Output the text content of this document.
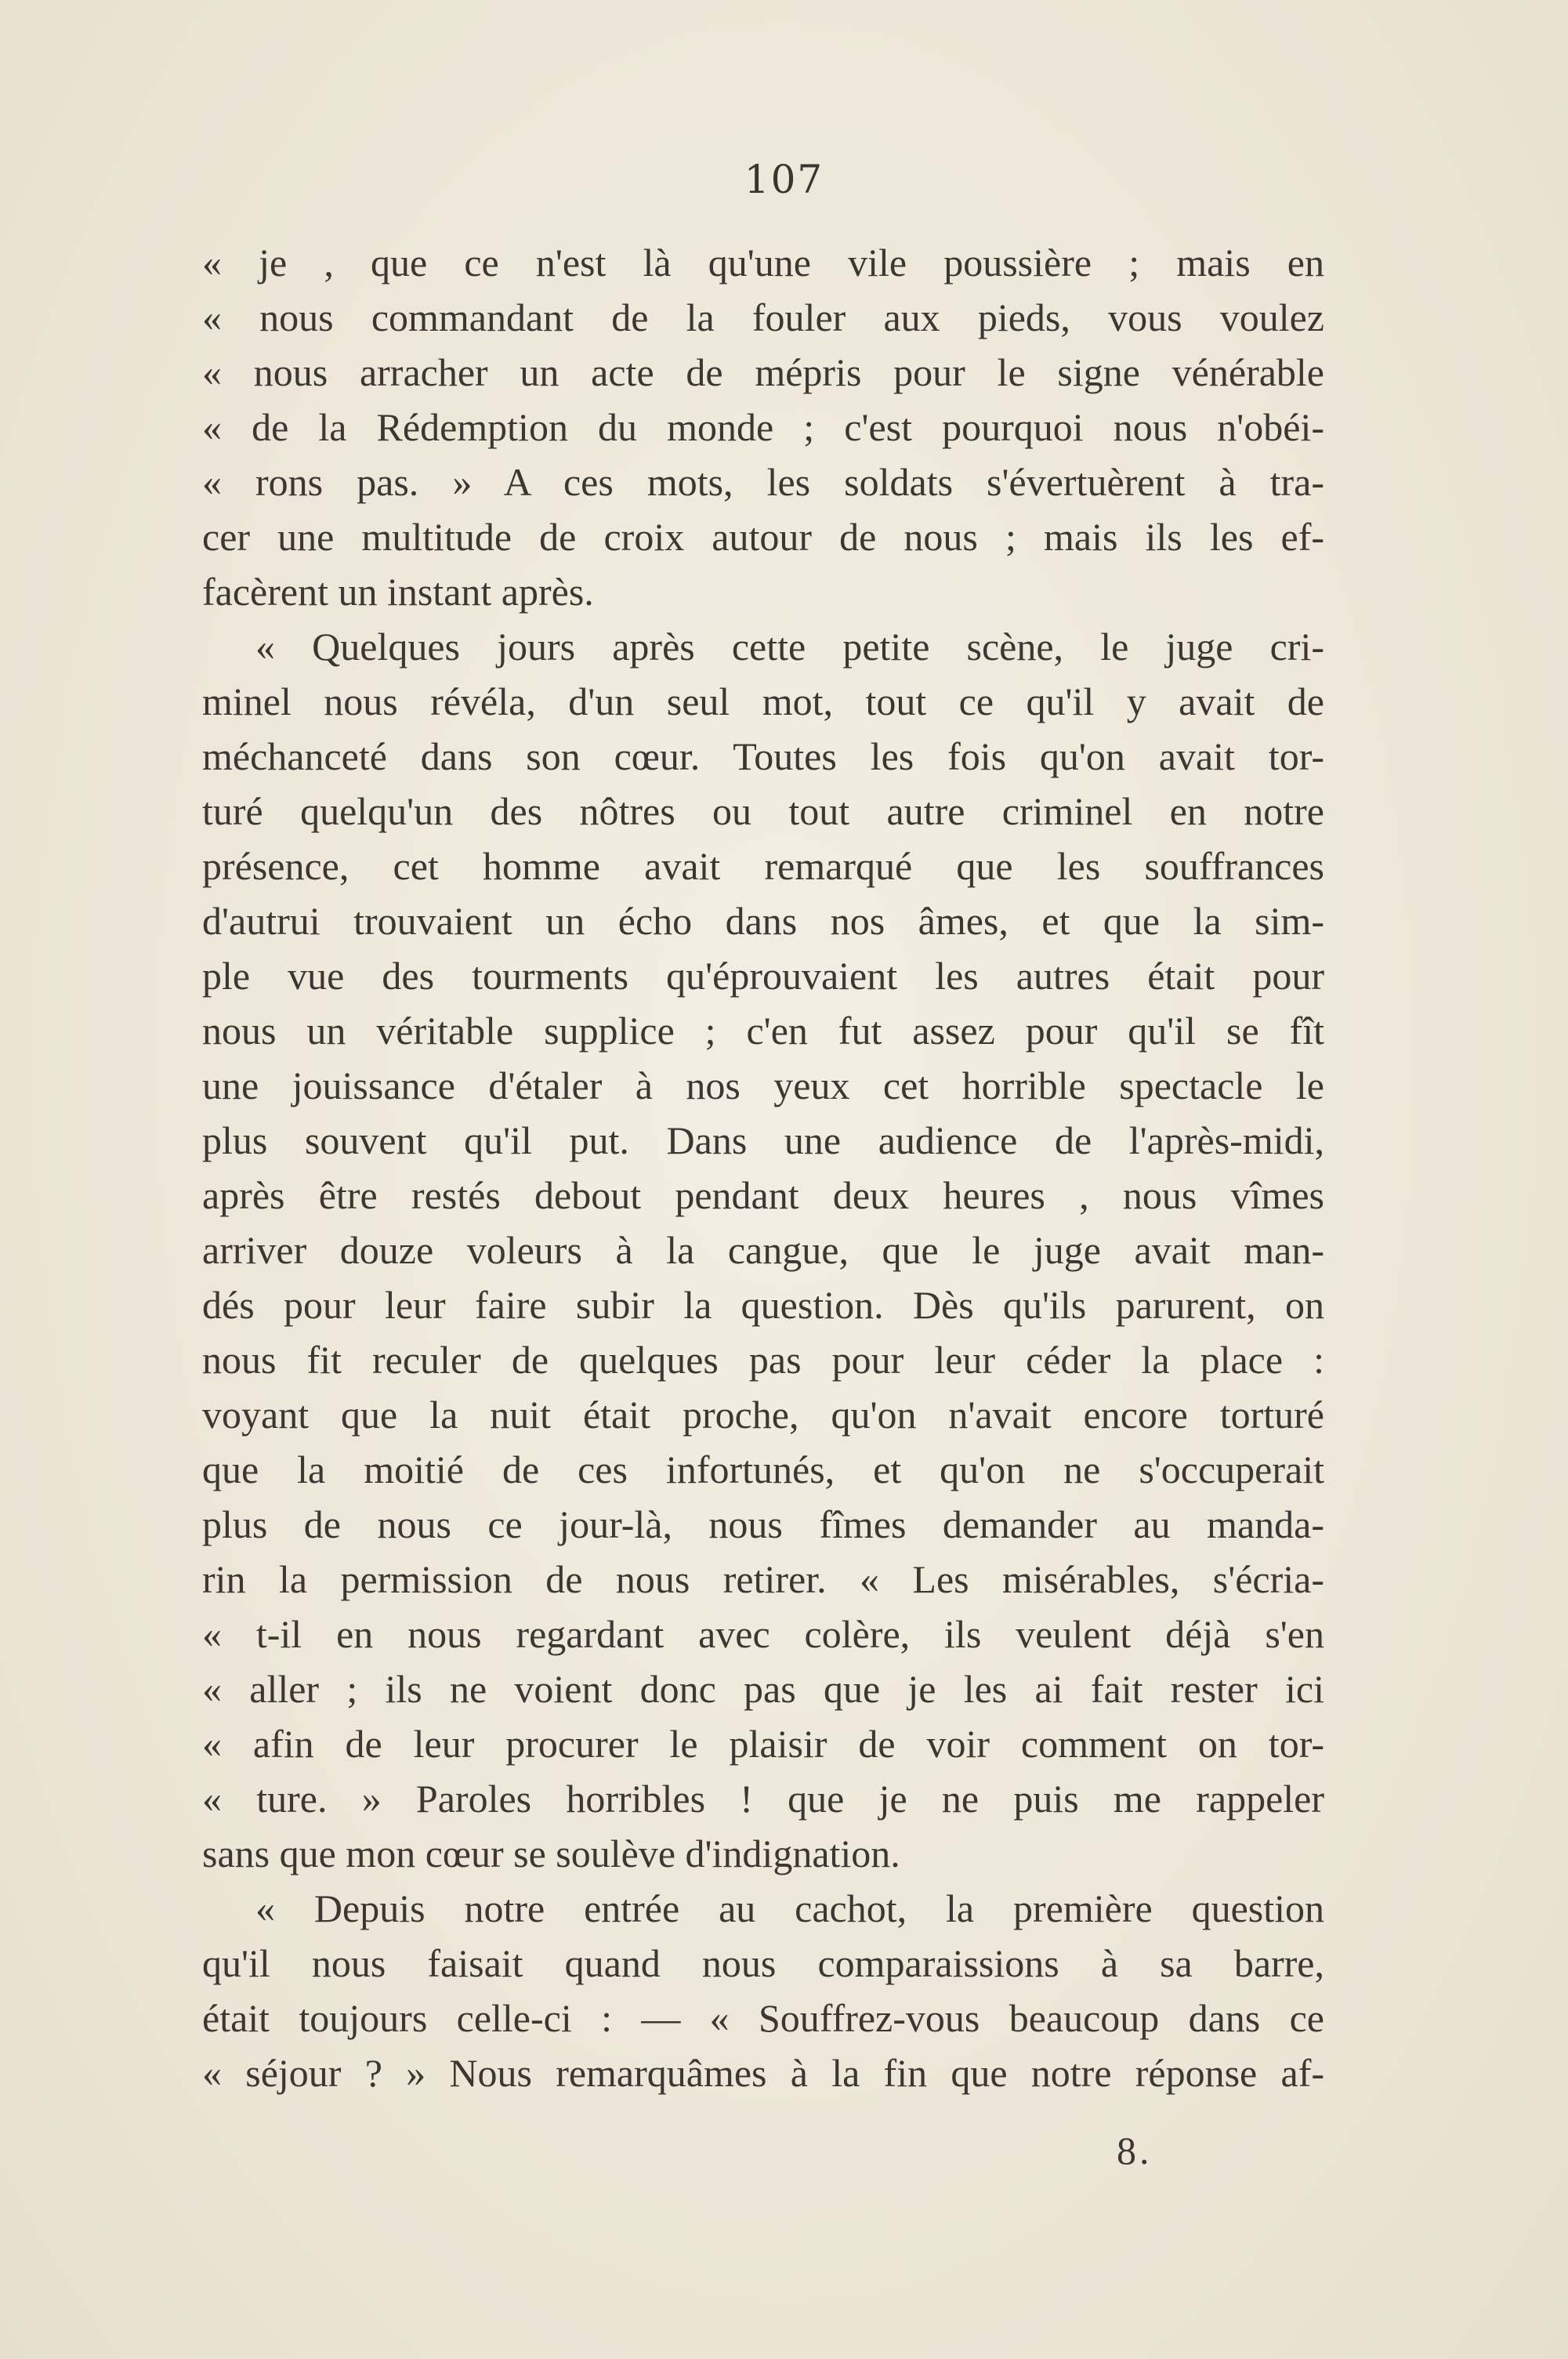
107
« je , que ce n'est là qu'une vile poussière ; mais en
« nous commandant de la fouler aux pieds, vous voulez
« nous arracher un acte de mépris pour le signe vénérable
« de la Rédemption du monde ; c'est pourquoi nous n'obéi-
« rons pas. » A ces mots, les soldats s'évertuèrent à tra-
cer une multitude de croix autour de nous ; mais ils les ef-
facèrent un instant après.
« Quelques jours après cette petite scène, le juge cri-
minel nous révéla, d'un seul mot, tout ce qu'il y avait de
méchanceté dans son cœur. Toutes les fois qu'on avait tor-
turé quelqu'un des nôtres ou tout autre criminel en notre
présence, cet homme avait remarqué que les souffrances
d'autrui trouvaient un écho dans nos âmes, et que la sim-
ple vue des tourments qu'éprouvaient les autres était pour
nous un véritable supplice ; c'en fut assez pour qu'il se fît
une jouissance d'étaler à nos yeux cet horrible spectacle le
plus souvent qu'il put. Dans une audience de l'après-midi,
après être restés debout pendant deux heures , nous vîmes
arriver douze voleurs à la cangue, que le juge avait man-
dés pour leur faire subir la question. Dès qu'ils parurent, on
nous fit reculer de quelques pas pour leur céder la place :
voyant que la nuit était proche, qu'on n'avait encore torturé
que la moitié de ces infortunés, et qu'on ne s'occuperait
plus de nous ce jour-là, nous fîmes demander au manda-
rin la permission de nous retirer. « Les misérables, s'écria-
« t-il en nous regardant avec colère, ils veulent déjà s'en
« aller ; ils ne voient donc pas que je les ai fait rester ici
« afin de leur procurer le plaisir de voir comment on tor-
« ture. » Paroles horribles ! que je ne puis me rappeler
sans que mon cœur se soulève d'indignation.
« Depuis notre entrée au cachot, la première question
qu'il nous faisait quand nous comparaissions à sa barre,
était toujours celle-ci : — « Souffrez-vous beaucoup dans ce
« séjour ? » Nous remarquâmes à la fin que notre réponse af-
8.
